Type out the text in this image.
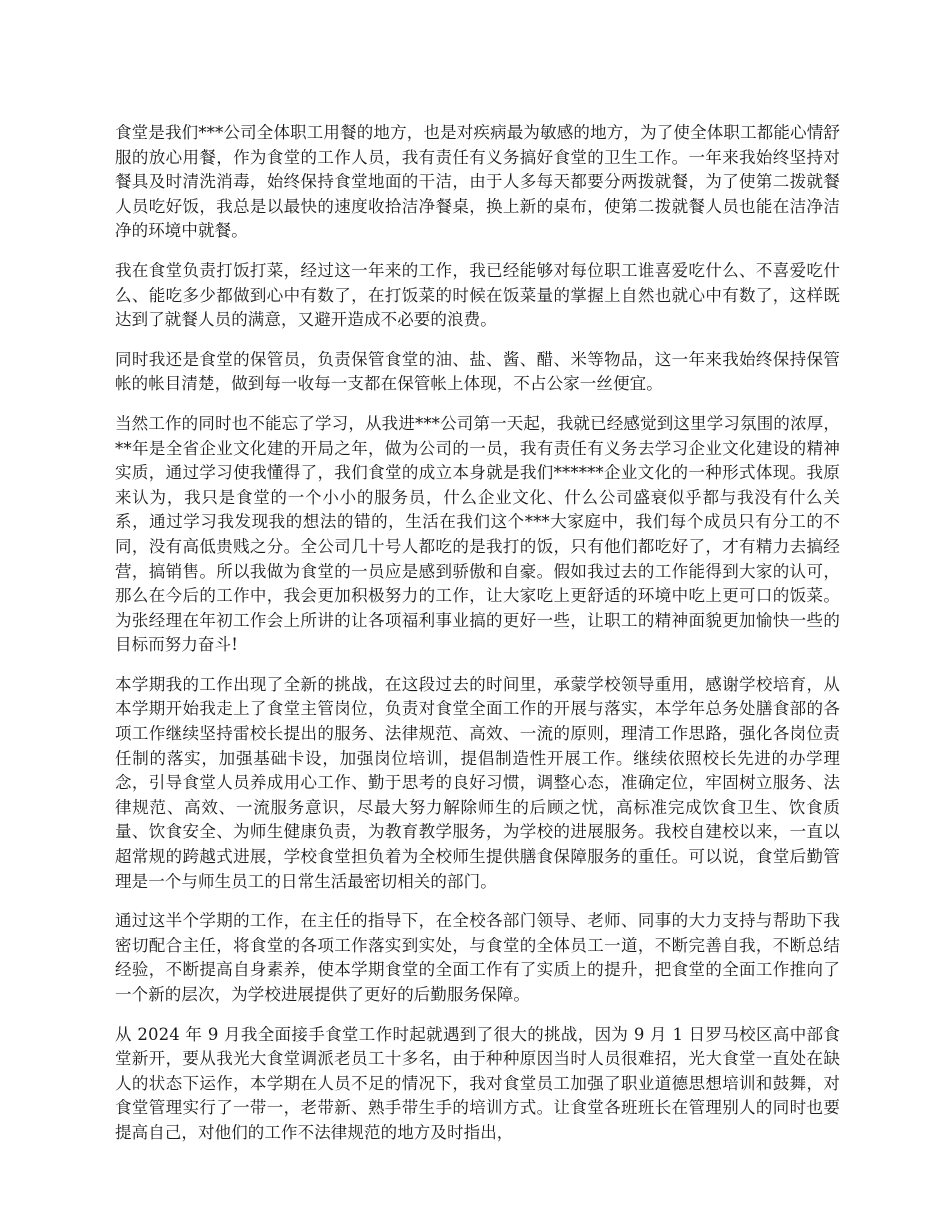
食堂是我们***公司全体职工用餐的地方，也是对疾病最为敏感的地方，为了使全体职工都能心情舒服的放心用餐，作为食堂的工作人员，我有责任有义务搞好食堂的卫生工作。一年来我始终坚持对餐具及时清洗消毒，始终保持食堂地面的干洁，由于人多每天都要分两拨就餐，为了使第二拨就餐人员吃好饭，我总是以最快的速度收拾洁净餐桌，换上新的桌布，使第二拨就餐人员也能在洁净洁净的环境中就餐。

我在食堂负责打饭打菜，经过这一年来的工作，我已经能够对每位职工谁喜爱吃什么、不喜爱吃什么、能吃多少都做到心中有数了，在打饭菜的时候在饭菜量的掌握上自然也就心中有数了，这样既达到了就餐人员的满意，又避开造成不必要的浪费。

同时我还是食堂的保管员，负责保管食堂的油、盐、酱、醋、米等物品，这一年来我始终保持保管帐的帐目清楚，做到每一收每一支都在保管帐上体现，不占公家一丝便宜。

当然工作的同时也不能忘了学习，从我进***公司第一天起，我就已经感觉到这里学习氛围的浓厚，**年是全省企业文化建的开局之年，做为公司的一员，我有责任有义务去学习企业文化建设的精神实质，通过学习使我懂得了，我们食堂的成立本身就是我们******企业文化的一种形式体现。我原来认为，我只是食堂的一个小小的服务员，什么企业文化、什么公司盛衰似乎都与我没有什么关系，通过学习我发现我的想法的错的，生活在我们这个***大家庭中，我们每个成员只有分工的不同，没有高低贵贱之分。全公司几十号人都吃的是我打的饭，只有他们都吃好了，才有精力去搞经营，搞销售。所以我做为食堂的一员应是感到骄傲和自豪。假如我过去的工作能得到大家的认可，那么在今后的工作中，我会更加积极努力的工作，让大家吃上更舒适的环境中吃上更可口的饭菜。为张经理在年初工作会上所讲的让各项福利事业搞的更好一些，让职工的精神面貌更加愉快一些的目标而努力奋斗!

本学期我的工作出现了全新的挑战，在这段过去的时间里，承蒙学校领导重用，感谢学校培育，从本学期开始我走上了食堂主管岗位，负责对食堂全面工作的开展与落实，本学年总务处膳食部的各项工作继续坚持雷校长提出的服务、法律规范、高效、一流的原则，理清工作思路，强化各岗位责任制的落实，加强基础卡设，加强岗位培训，提倡制造性开展工作。继续依照校长先进的办学理念，引导食堂人员养成用心工作、勤于思考的良好习惯，调整心态，准确定位，牢固树立服务、法律规范、高效、一流服务意识，尽最大努力解除师生的后顾之忧，高标准完成饮食卫生、饮食质量、饮食安全、为师生健康负责，为教育教学服务，为学校的进展服务。我校自建校以来，一直以超常规的跨越式进展，学校食堂担负着为全校师生提供膳食保障服务的重任。可以说，食堂后勤管理是一个与师生员工的日常生活最密切相关的部门。

通过这半个学期的工作，在主任的指导下，在全校各部门领导、老师、同事的大力支持与帮助下我密切配合主任，将食堂的各项工作落实到实处，与食堂的全体员工一道，不断完善自我，不断总结经验，不断提高自身素养，使本学期食堂的全面工作有了实质上的提升，把食堂的全面工作推向了一个新的层次，为学校进展提供了更好的后勤服务保障。

从 2024 年 9 月我全面接手食堂工作时起就遇到了很大的挑战，因为 9 月 1 日罗马校区高中部食堂新开，要从我光大食堂调派老员工十多名，由于种种原因当时人员很难招，光大食堂一直处在缺人的状态下运作，本学期在人员不足的情况下，我对食堂员工加强了职业道德思想培训和鼓舞，对食堂管理实行了一带一，老带新、熟手带生手的培训方式。让食堂各班班长在管理别人的同时也要提高自己，对他们的工作不法律规范的地方及时指出，
